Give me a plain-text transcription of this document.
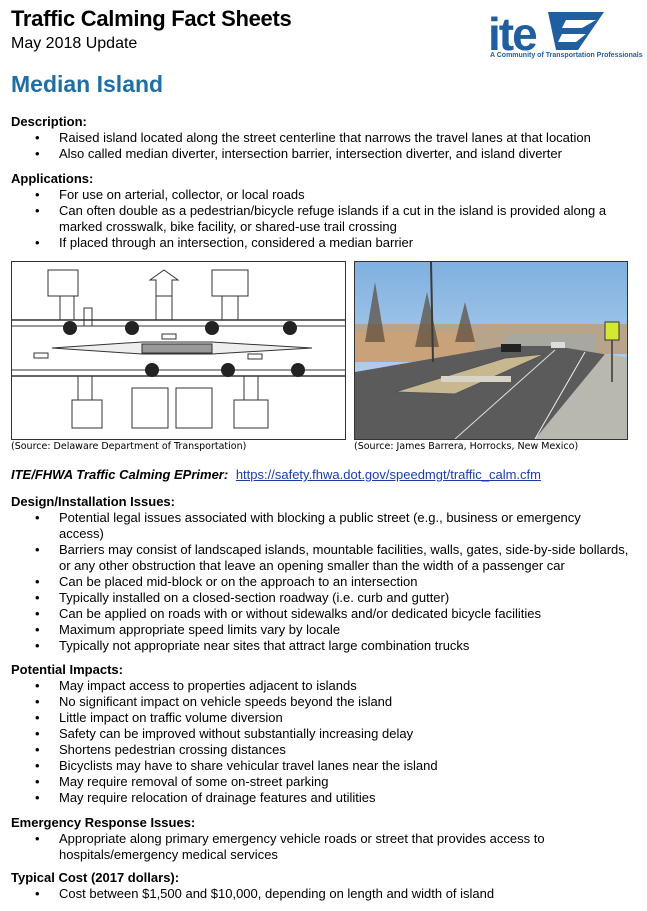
Traffic Calming Fact Sheets
May 2018 Update	ite
A Community of Transportation Professionals
Median Island

Description:

• Raised island located along the street centerline that narrows the travel lanes at that location
• Also called median diverter, intersection barrier, intersection diverter, and island diverter

Applications:

• For use on arterial, collector, or local roads
• Can often double as a pedestrian/bicycle refuge islands if a cut in the island is provided along a marked crosswalk, bike facility, or shared-use trail crossing
• If placed through an intersection, considered a median barrier
(Source: Delaware Department of Transportation)	(Source: James Barrera, Horrocks, New Mexico)
ITE/FHWA Traffic Calming EPrimer: https://safety.fhwa.dot.gov/speedmgt/traffic_calm.cfm

Design/Installation Issues:

• Potential legal issues associated with blocking a public street (e.g., business or emergency access)
• Barriers may consist of landscaped islands, mountable facilities, walls, gates, side-by-side bollards, or any other obstruction that leave an opening smaller than the width of a passenger car
• Can be placed mid-block or on the approach to an intersection
• Typically installed on a closed-section roadway (i.e. curb and gutter)
• Can be applied on roads with or without sidewalks and/or dedicated bicycle facilities
• Maximum appropriate speed limits vary by locale
• Typically not appropriate near sites that attract large combination trucks

Potential Impacts:

• May impact access to properties adjacent to islands
• No significant impact on vehicle speeds beyond the island
• Little impact on traffic volume diversion
• Safety can be improved without substantially increasing delay
• Shortens pedestrian crossing distances
• Bicyclists may have to share vehicular travel lanes near the island
• May require removal of some on-street parking
• May require relocation of drainage features and utilities

Emergency Response Issues:

• Appropriate along primary emergency vehicle roads or street that provides access to hospitals/emergency medical services

Typical Cost (2017 dollars):

• Cost between $1,500 and $10,000, depending on length and width of island
